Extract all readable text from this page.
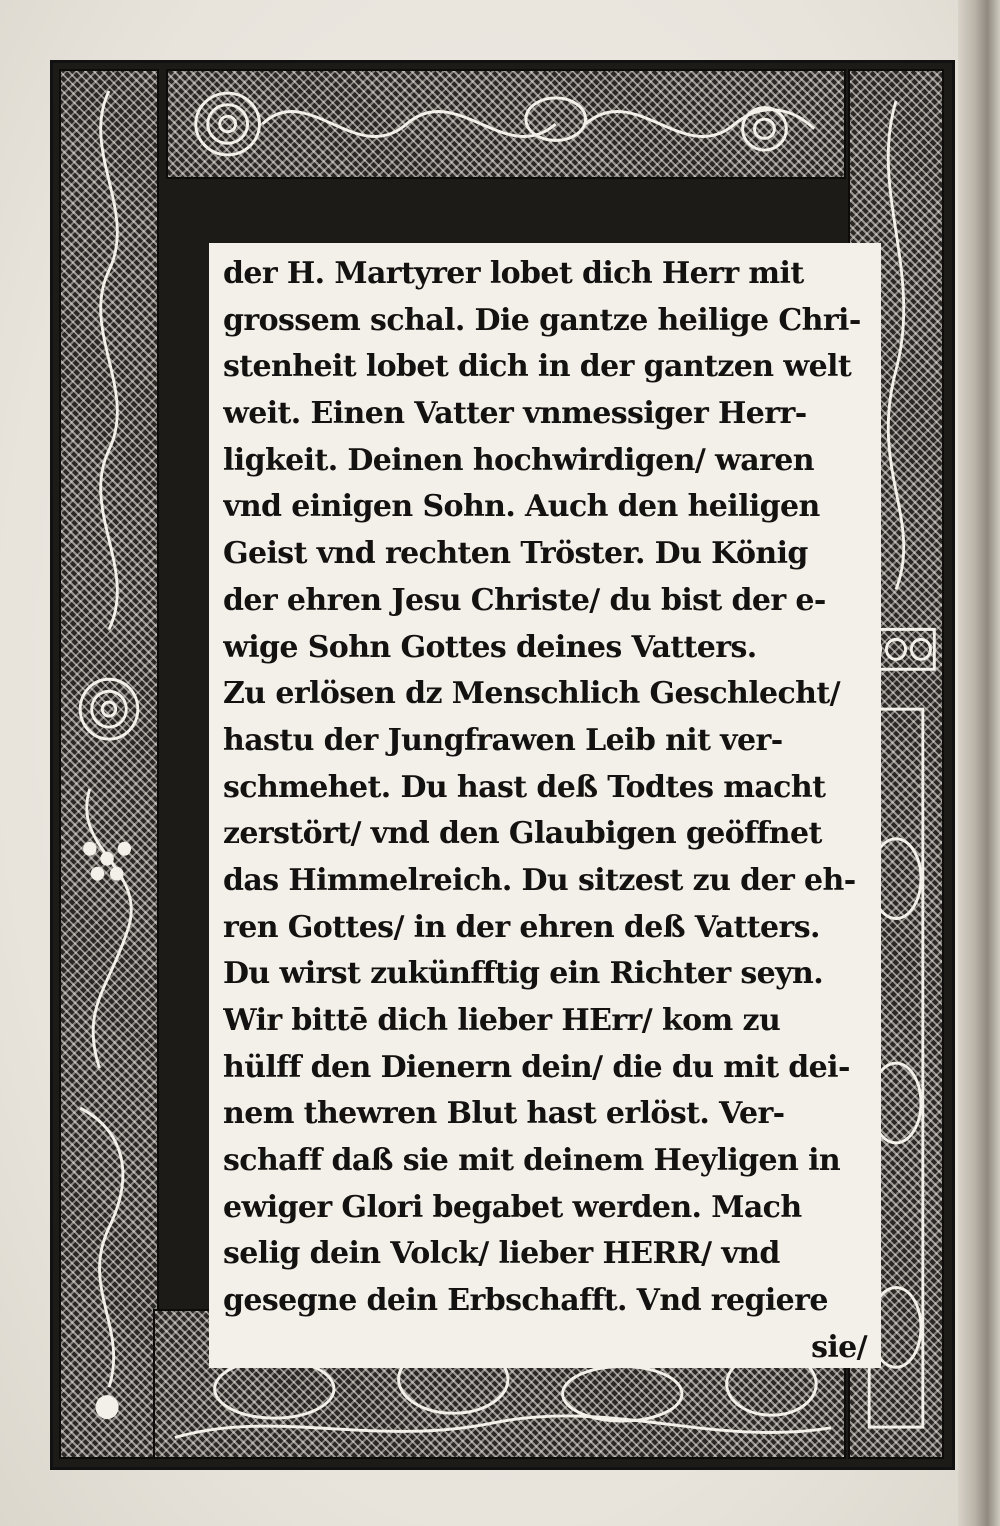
der H. Martyrer lobet dich Herr mit
grossem schal. Die gantze heilige Chri-
stenheit lobet dich in der gantzen welt
weit. Einen Vatter vnmessiger Herr-
ligkeit. Deinen hochwirdigen/ waren
vnd einigen Sohn. Auch den heiligen
Geist vnd rechten Tröster. Du König
der ehren Jesu Christe/ du bist der e-
wige Sohn Gottes deines Vatters.
Zu erlösen dz Menschlich Geschlecht/
hastu der Jungfrawen Leib nit ver-
schmehet. Du hast deß Todtes macht
zerstört/ vnd den Glaubigen geöffnet
das Himmelreich. Du sitzest zu der eh-
ren Gottes/ in der ehren deß Vatters.
Du wirst zukünfftig ein Richter seyn.
Wir bittē dich lieber HErr/ kom zu
hülff den Dienern dein/ die du mit dei-
nem thewren Blut hast erlöst. Ver-
schaff daß sie mit deinem Heyligen in
ewiger Glori begabet werden. Mach
selig dein Volck/ lieber HERR/ vnd
gesegne dein Erbschafft. Vnd regiere
sie/
